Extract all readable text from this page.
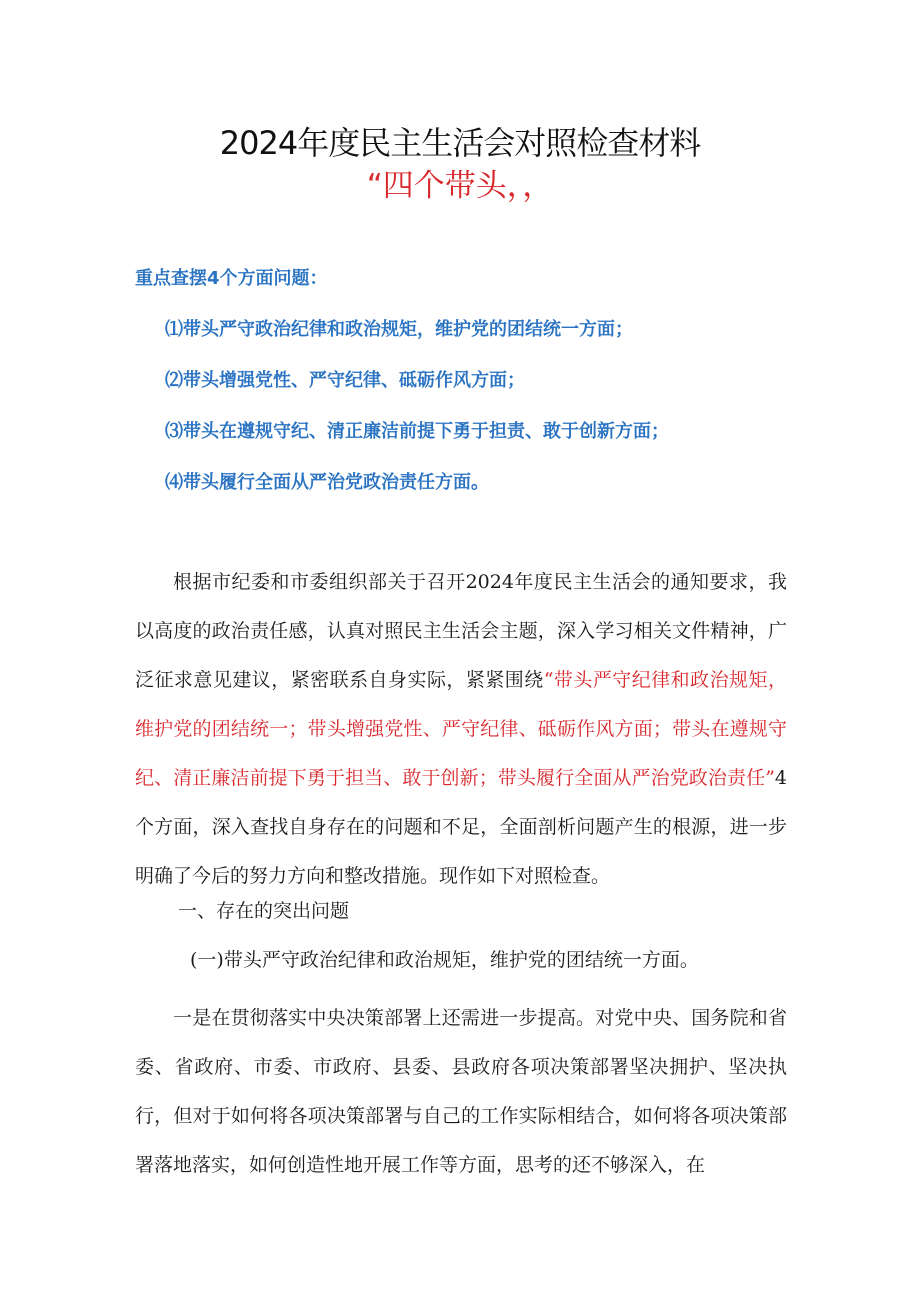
2024年度民主生活会对照检查材料
“四个带头，，
重点查摆4个方面问题：
⑴带头严守政治纪律和政治规矩，维护党的团结统一方面；
⑵带头增强党性、严守纪律、砥砺作风方面；
⑶带头在遵规守纪、清正廉洁前提下勇于担责、敢于创新方面；
⑷带头履行全面从严治党政治责任方面。

根据市纪委和市委组织部关于召开2024年度民主生活会的通知要求，我以高度的政治责任感，认真对照民主生活会主题，深入学习相关文件精神，广泛征求意见建议，紧密联系自身实际，紧紧围绕“带头严守纪律和政治规矩，维护党的团结统一；带头增强党性、严守纪律、砥砺作风方面；带头在遵规守纪、清正廉洁前提下勇于担当、敢于创新；带头履行全面从严治党政治责任”4个方面，深入查找自身存在的问题和不足，全面剖析问题产生的根源，进一步明确了今后的努力方向和整改措施。现作如下对照检查。

一、存在的突出问题
(一)带头严守政治纪律和政治规矩，维护党的团结统一方面。

一是在贯彻落实中央决策部署上还需进一步提高。对党中央、国务院和省委、省政府、市委、市政府、县委、县政府各项决策部署坚决拥护、坚决执行，但对于如何将各项决策部署与自己的工作实际相结合，如何将各项决策部署落地落实，如何创造性地开展工作等方面，思考的还不够深入，在
